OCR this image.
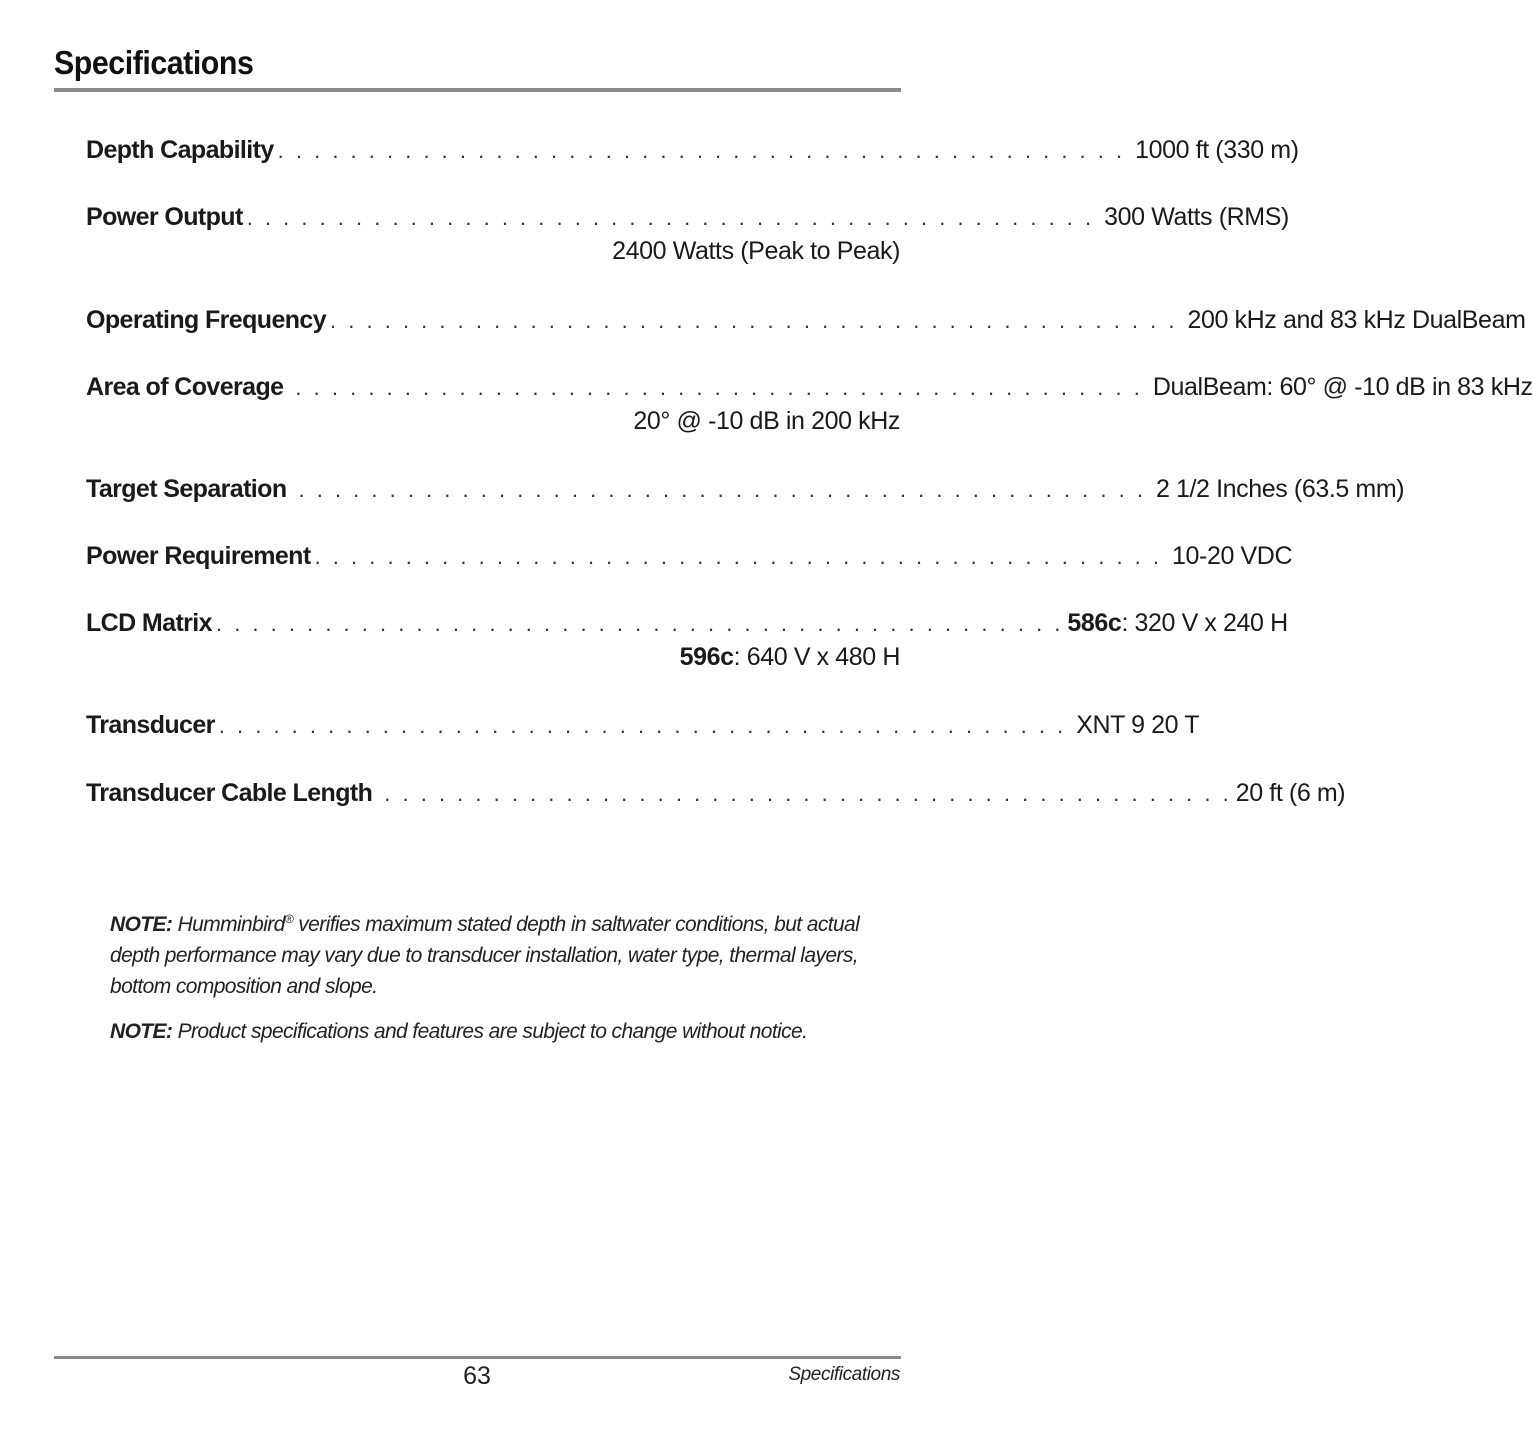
Specifications
Depth Capability . . . . . . . . . . . . . . . . . . . . . . . . . . . . . . . . . . . . . . . . . . . . . . . 1000 ft (330 m)
Power Output . . . . . . . . . . . . . . . . . . . . . . . . . . . . . . . . . . . . . . . . . . . . . . . 300 Watts (RMS)
2400 Watts (Peak to Peak)
Operating Frequency . . . . . . . . . . . . . . . . . . . . . . . . . . . . . . . . . . . . . . . . . . . . . . . 200 kHz and 83 kHz DualBeam
Area of Coverage . . . . . . . . . . . . . . . . . . . . . . . . . . . . . . . . . . . . . . . . . . . . . . . DualBeam: 60° @ -10 dB in 83 kHz
20° @ -10 dB in 200 kHz
Target Separation . . . . . . . . . . . . . . . . . . . . . . . . . . . . . . . . . . . . . . . . . . . . . . . 2 1/2 Inches (63.5 mm)
Power Requirement . . . . . . . . . . . . . . . . . . . . . . . . . . . . . . . . . . . . . . . . . . . . . . . 10-20 VDC
LCD Matrix . . . . . . . . . . . . . . . . . . . . . . . . . . . . . . . . . . . . . . . . . . . . . . . 586c: 320 V x 240 H
596c: 640 V x 480 H
Transducer . . . . . . . . . . . . . . . . . . . . . . . . . . . . . . . . . . . . . . . . . . . . . . . XNT 9 20 T
Transducer Cable Length . . . . . . . . . . . . . . . . . . . . . . . . . . . . . . . . . . . . . . . . . . . . . . . 20 ft (6 m)

NOTE: Humminbird® verifies maximum stated depth in saltwater conditions, but actual depth performance may vary due to transducer installation, water type, thermal layers, bottom composition and slope.

NOTE: Product specifications and features are subject to change without notice.

63	Specifications
